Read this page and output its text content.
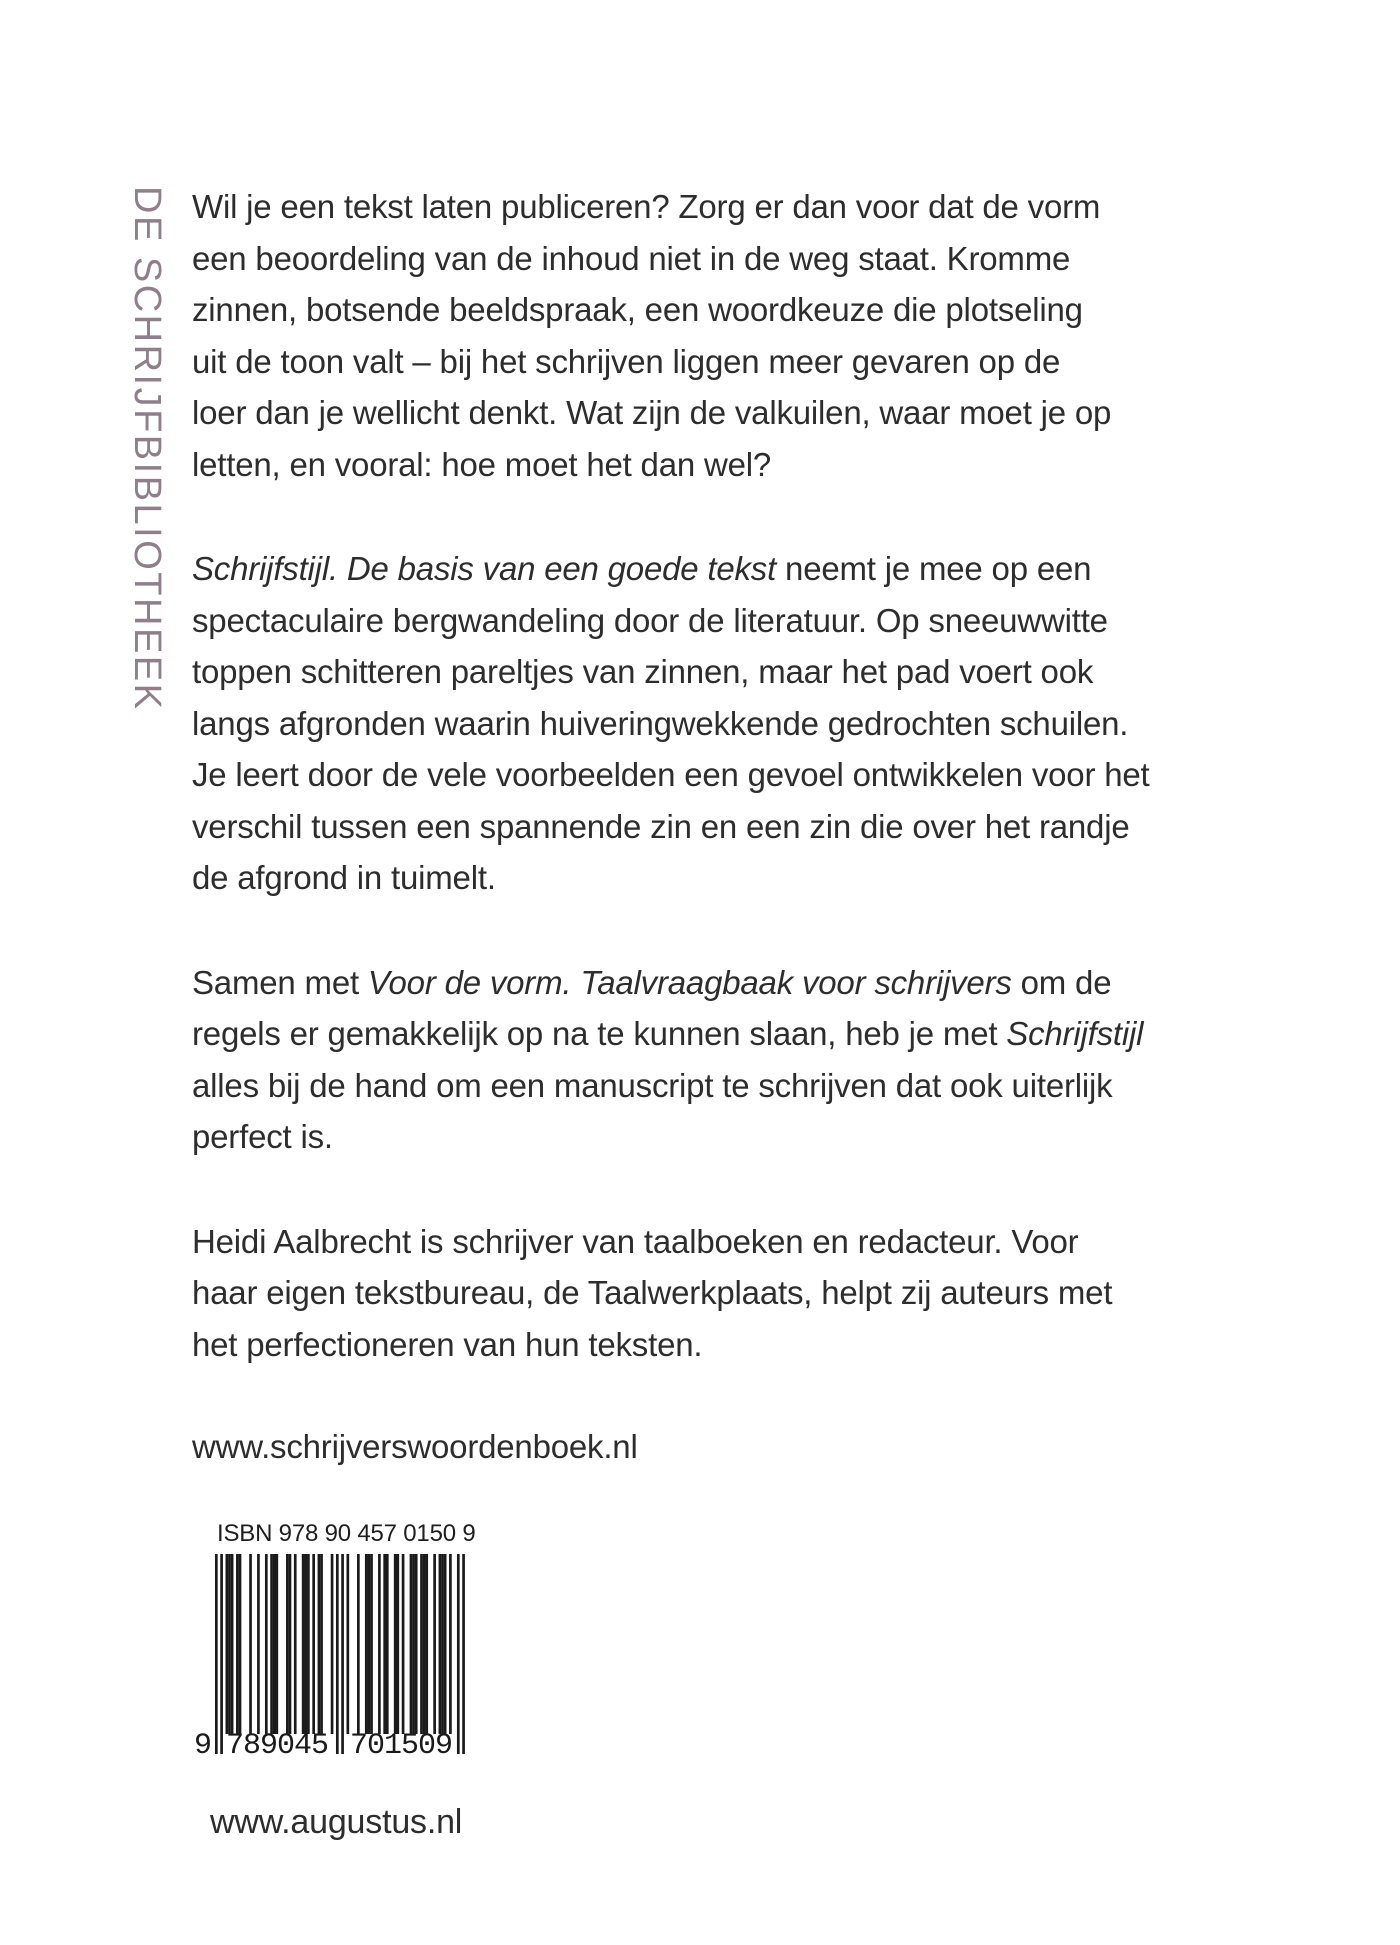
DE SCHRIJFBIBLIOTHEEK Wil je een tekst laten publiceren? Zorg er dan voor dat de vorm
een beoordeling van de inhoud niet in de weg staat. Kromme
zinnen, botsende beeldspraak, een woordkeuze die plotseling
uit de toon valt – bij het schrijven liggen meer gevaren op de
loer dan je wellicht denkt. Wat zijn de valkuilen, waar moet je op
letten, en vooral: hoe moet het dan wel?

Schrijfstijl. De basis van een goede tekst neemt je mee op een
spectaculaire bergwandeling door de literatuur. Op sneeuwwitte
toppen schitteren pareltjes van zinnen, maar het pad voert ook
langs afgronden waarin huiveringwekkende gedrochten schuilen.
Je leert door de vele voorbeelden een gevoel ontwikkelen voor het
verschil tussen een spannende zin en een zin die over het randje
de afgrond in tuimelt.

Samen met Voor de vorm. Taalvraagbaak voor schrijvers om de
regels er gemakkelijk op na te kunnen slaan, heb je met Schrijfstijl
alles bij de hand om een manuscript te schrijven dat ook uiterlijk
perfect is.

Heidi Aalbrecht is schrijver van taalboeken en redacteur. Voor
haar eigen tekstbureau, de Taalwerkplaats, helpt zij auteurs met
het perfectioneren van hun teksten.

www.schrijverswoordenboek.nl
ISBN 978 90 457 0150 9
9 789045 701509
www.augustus.nl
